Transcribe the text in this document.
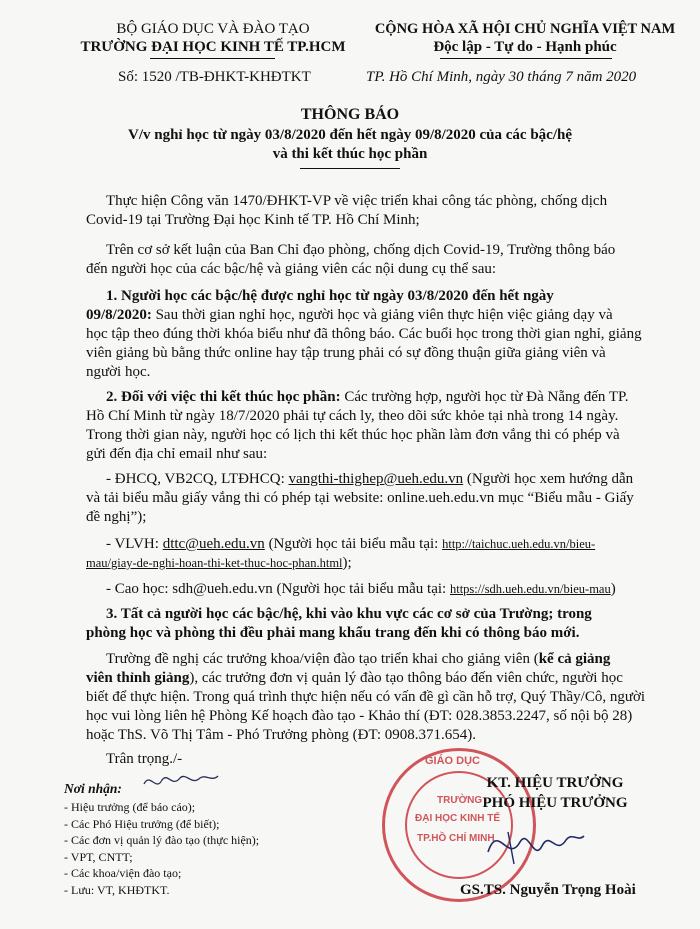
BỘ GIÁO DỤC VÀ ĐÀO TẠO
TRƯỜNG ĐẠI HỌC KINH TẾ TP.HCM
Số: 1520 /TB-ĐHKT-KHĐTKT
CỘNG HÒA XÃ HỘI CHỦ NGHĨA VIỆT NAM
Độc lập - Tự do - Hạnh phúc
TP. Hồ Chí Minh, ngày 30 tháng 7 năm 2020
THÔNG BÁO
V/v nghỉ học từ ngày 03/8/2020 đến hết ngày 09/8/2020 của các bậc/hệ
và thi kết thúc học phần
Thực hiện Công văn 1470/ĐHKT-VP về việc triển khai công tác phòng, chống dịch
Covid-19 tại Trường Đại học Kinh tế TP. Hồ Chí Minh;
Trên cơ sở kết luận của Ban Chỉ đạo phòng, chống dịch Covid-19, Trường thông báo
đến người học của các bậc/hệ và giảng viên các nội dung cụ thể sau:
1. Người học các bậc/hệ được nghỉ học từ ngày 03/8/2020 đến hết ngày
09/8/2020: Sau thời gian nghỉ học, người học và giảng viên thực hiện việc giảng dạy và
học tập theo đúng thời khóa biểu như đã thông báo. Các buổi học trong thời gian nghỉ, giảng
viên giảng bù bằng thức online hay tập trung phải có sự đồng thuận giữa giảng viên và
người học.
2. Đối với việc thi kết thúc học phần: Các trường hợp, người học từ Đà Nẵng đến TP.
Hồ Chí Minh từ ngày 18/7/2020 phải tự cách ly, theo dõi sức khỏe tại nhà trong 14 ngày.
Trong thời gian này, người học có lịch thi kết thúc học phần làm đơn vắng thi có phép và
gửi đến địa chỉ email như sau:
- ĐHCQ, VB2CQ, LTĐHCQ: vangthi-thighep@ueh.edu.vn (Người học xem hướng dẫn
và tải biểu mẫu giấy vắng thi có phép tại website: online.ueh.edu.vn mục “Biểu mẫu - Giấy
đề nghị”);
- VLVH: dttc@ueh.edu.vn (Người học tải biểu mẫu tại: http://taichuc.ueh.edu.vn/bieu-
mau/giay-de-nghi-hoan-thi-ket-thuc-hoc-phan.html);
- Cao học: sdh@ueh.edu.vn (Người học tải biểu mẫu tại: https://sdh.ueh.edu.vn/bieu-mau)
3. Tất cả người học các bậc/hệ, khi vào khu vực các cơ sở của Trường; trong
phòng học và phòng thi đều phải mang khẩu trang đến khi có thông báo mới.
Trường đề nghị các trưởng khoa/viện đào tạo triển khai cho giảng viên (kể cả giảng
viên thỉnh giảng), các trưởng đơn vị quản lý đào tạo thông báo đến viên chức, người học
biết để thực hiện. Trong quá trình thực hiện nếu có vấn đề gì cần hỗ trợ, Quý Thầy/Cô, người
học vui lòng liên hệ Phòng Kế hoạch đào tạo - Khảo thí (ĐT: 028.3853.2247, số nội bộ 28)
hoặc ThS. Võ Thị Tâm - Phó Trưởng phòng (ĐT: 0908.371.654).
Trân trọng./-
Nơi nhận:
- Hiệu trưởng (để báo cáo);
- Các Phó Hiệu trưởng (để biết);
- Các đơn vị quản lý đào tạo (thực hiện);
- VPT, CNTT;
- Các khoa/viện đào tạo;
- Lưu: VT, KHĐTKT.
GIÁO DỤC
TRƯỜNG
ĐẠI HỌC KINH TẾ
TP.HỒ CHÍ MINH
KT. HIỆU TRƯỞNG
PHÓ HIỆU TRƯỞNG
GS.TS. Nguyễn Trọng Hoài
